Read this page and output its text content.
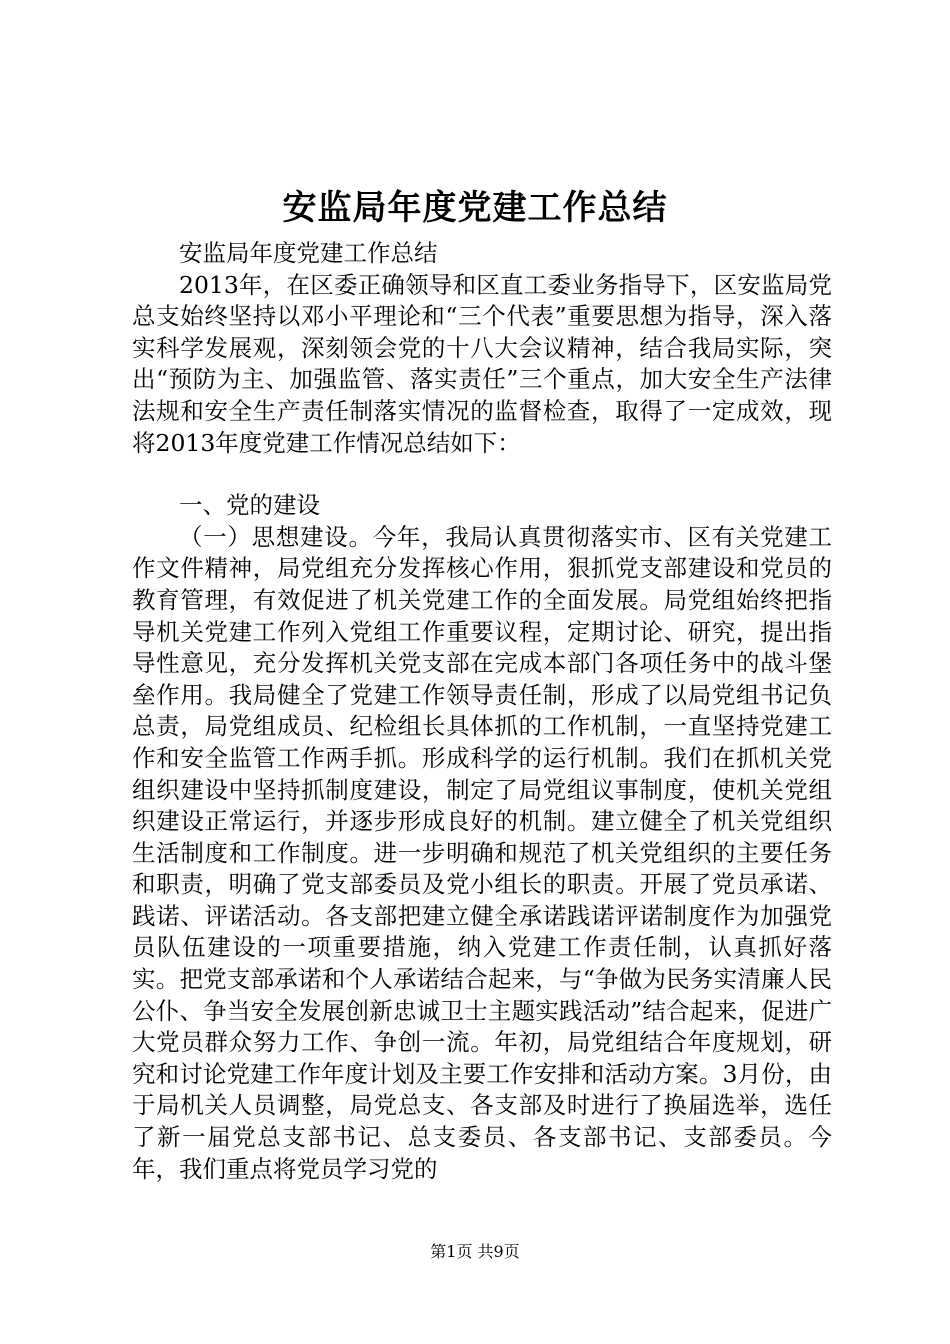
安监局年度党建工作总结

安监局年度党建工作总结

2013年，在区委正确领导和区直工委业务指导下，区安监局党总支始终坚持以邓小平理论和“三个代表”重要思想为指导，深入落实科学发展观，深刻领会党的十八大会议精神，结合我局实际，突出“预防为主、加强监管、落实责任”三个重点，加大安全生产法律法规和安全生产责任制落实情况的监督检查，取得了一定成效，现将2013年度党建工作情况总结如下：

一、党的建设

（一）思想建设。今年，我局认真贯彻落实市、区有关党建工作文件精神，局党组充分发挥核心作用，狠抓党支部建设和党员的教育管理，有效促进了机关党建工作的全面发展。局党组始终把指导机关党建工作列入党组工作重要议程，定期讨论、研究，提出指导性意见，充分发挥机关党支部在完成本部门各项任务中的战斗堡垒作用。我局健全了党建工作领导责任制，形成了以局党组书记负总责，局党组成员、纪检组长具体抓的工作机制，一直坚持党建工作和安全监管工作两手抓。形成科学的运行机制。我们在抓机关党组织建设中坚持抓制度建设，制定了局党组议事制度，使机关党组织建设正常运行，并逐步形成良好的机制。建立健全了机关党组织生活制度和工作制度。进一步明确和规范了机关党组织的主要任务和职责，明确了党支部委员及党小组长的职责。开展了党员承诺、践诺、评诺活动。各支部把建立健全承诺践诺评诺制度作为加强党员队伍建设的一项重要措施，纳入党建工作责任制，认真抓好落实。把党支部承诺和个人承诺结合起来，与“争做为民务实清廉人民公仆、争当安全发展创新忠诚卫士主题实践活动”结合起来，促进广大党员群众努力工作、争创一流。年初，局党组结合年度规划，研究和讨论党建工作年度计划及主要工作安排和活动方案。3月份，由于局机关人员调整，局党总支、各支部及时进行了换届选举，选任了新一届党总支部书记、总支委员、各支部书记、支部委员。今年，我们重点将党员学习党的

第1页 共9页
